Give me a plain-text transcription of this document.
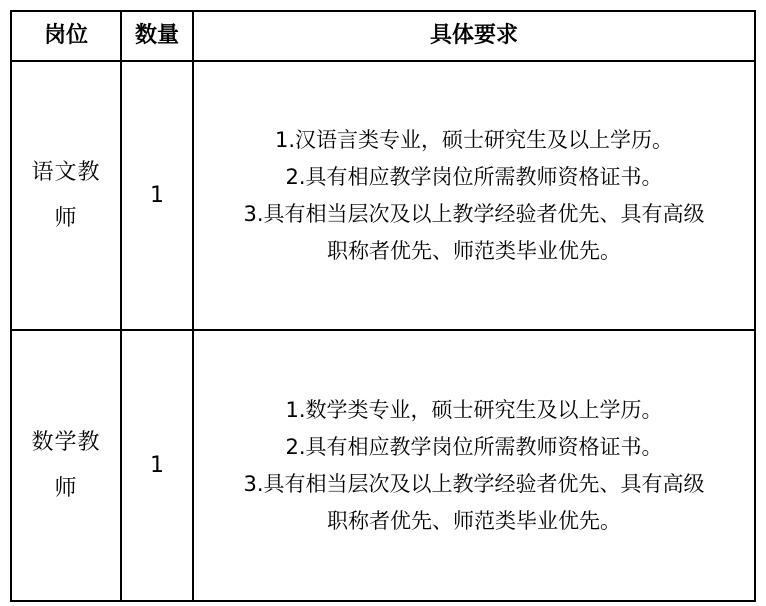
岗位	数量	具体要求
语文教师	1	1.汉语言类专业，硕士研究生及以上学历。
2.具有相应教学岗位所需教师资格证书。
3.具有相当层次及以上教学经验者优先、具有高级
职称者优先、师范类毕业优先。

数学教师	1	1.数学类专业，硕士研究生及以上学历。
2.具有相应教学岗位所需教师资格证书。
3.具有相当层次及以上教学经验者优先、具有高级
职称者优先、师范类毕业优先。
